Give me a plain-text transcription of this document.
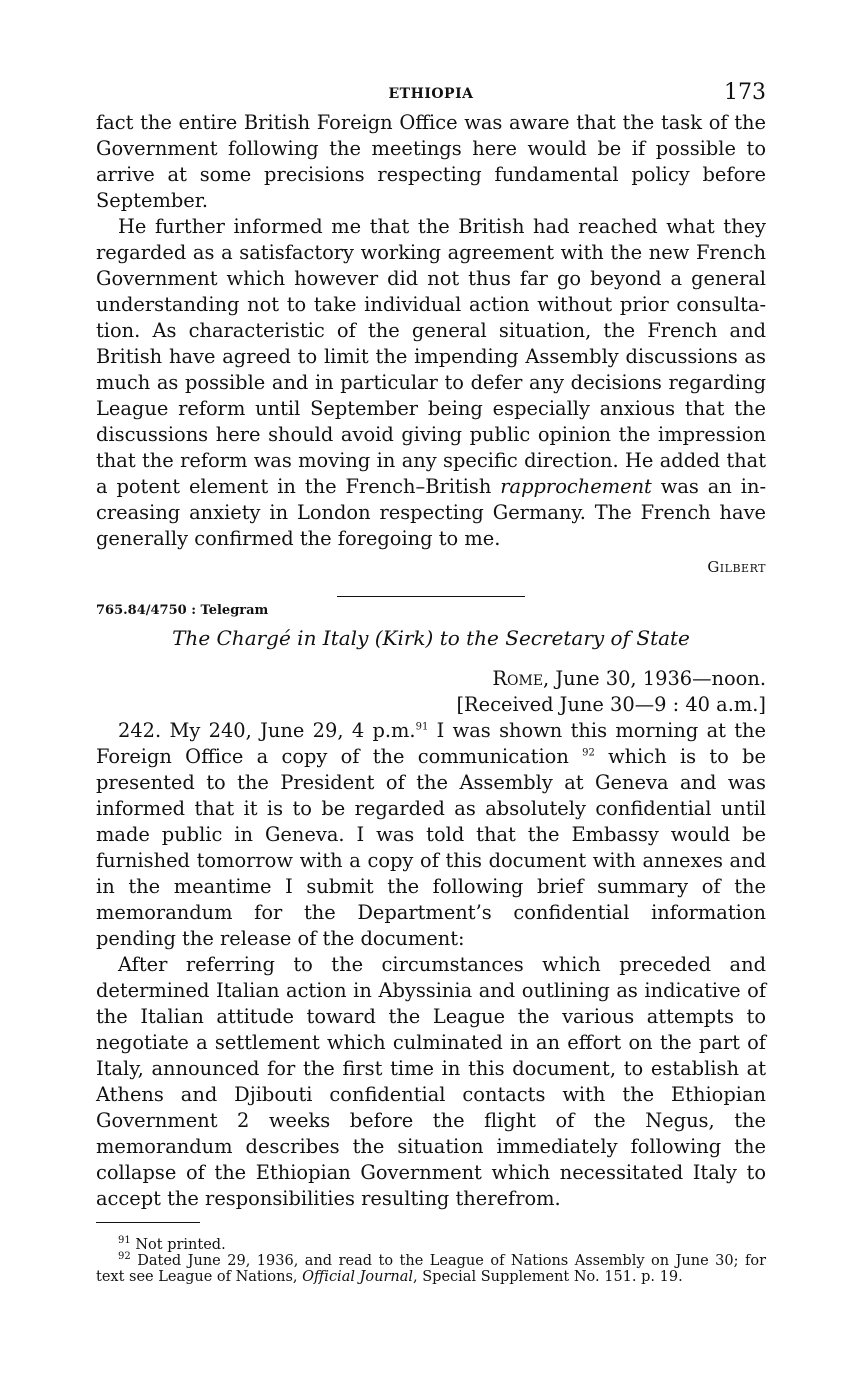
ETHIOPIA	173

fact the entire British Foreign Office was aware that the task of the Government following the meetings here would be if possible to arrive at some precisions respecting fundamental policy before September.

He further informed me that the British had reached what they regarded as a satisfactory working agreement with the new French Government which however did not thus far go beyond a general understanding not to take individual action without prior consultation. As characteristic of the general situation, the French and British have agreed to limit the impending Assembly discussions as much as possible and in particular to defer any decisions regarding League reform until September being especially anxious that the discussions here should avoid giving public opinion the impression that the reform was moving in any specific direction. He added that a potent element in the French–British rapprochement was an increasing anxiety in London respecting Germany. The French have generally confirmed the foregoing to me.

Gilbert
765.84/4750 : Telegram
The Chargé in Italy (Kirk) to the Secretary of State
Rome, June 30, 1936—noon.
[Received June 30—9 : 40 a.m.]

242. My 240, June 29, 4 p.m.$^{91}$ I was shown this morning at the Foreign Office a copy of the communication $^{92}$ which is to be presented to the President of the Assembly at Geneva and was informed that it is to be regarded as absolutely confidential until made public in Geneva. I was told that the Embassy would be furnished tomorrow with a copy of this document with annexes and in the meantime I submit the following brief summary of the memorandum for the Department’s confidential information pending the release of the document:

After referring to the circumstances which preceded and determined Italian action in Abyssinia and outlining as indicative of the Italian attitude toward the League the various attempts to negotiate a settlement which culminated in an effort on the part of Italy, announced for the first time in this document, to establish at Athens and Djibouti confidential contacts with the Ethiopian Government 2 weeks before the flight of the Negus, the memorandum describes the situation immediately following the collapse of the Ethiopian Government which necessitated Italy to accept the responsibilities resulting therefrom.

$^{91}$ Not printed.
$^{92}$ Dated June 29, 1936, and read to the League of Nations Assembly on June 30; for text see League of Nations, Official Journal, Special Supplement No. 151. p. 19.
